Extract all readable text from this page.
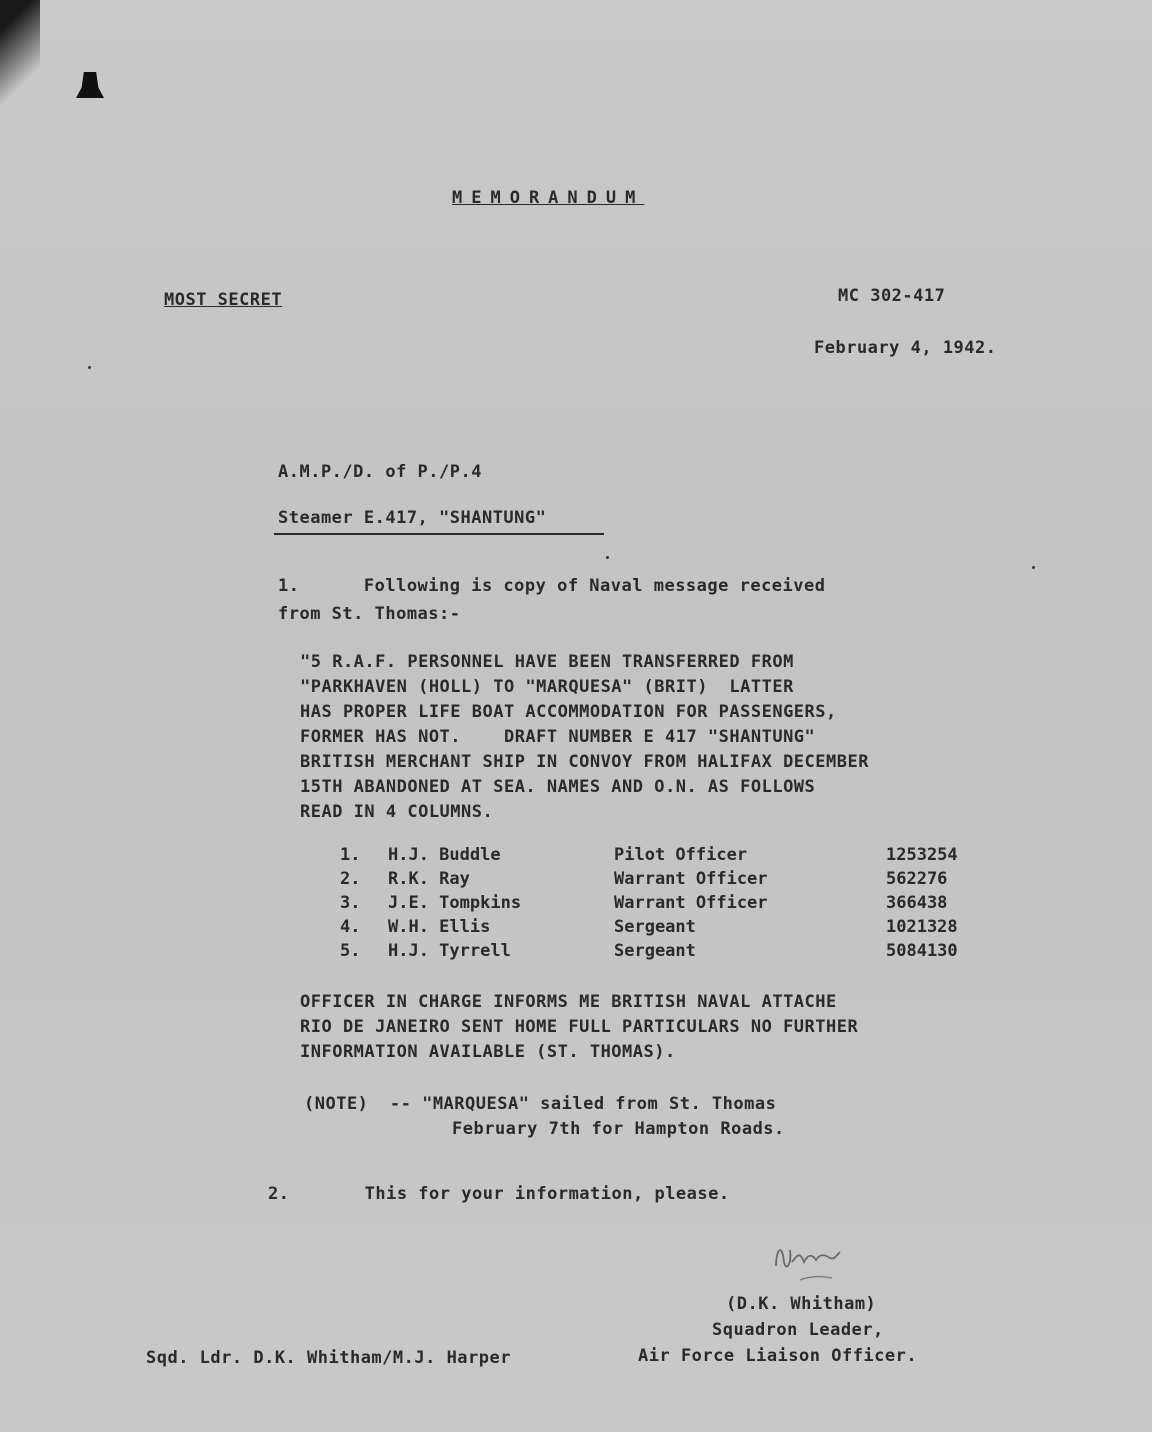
MEMORANDUM
MOST SECRET	MC 302-417
February 4, 1942.
A.M.P./D. of P./P.4
Steamer E.417, "SHANTUNG"
1.      Following is copy of Naval message received
from St. Thomas:-
"5 R.A.F. PERSONNEL HAVE BEEN TRANSFERRED FROM
"PARKHAVEN (HOLL) TO "MARQUESA" (BRIT)  LATTER
HAS PROPER LIFE BOAT ACCOMMODATION FOR PASSENGERS,
FORMER HAS NOT.    DRAFT NUMBER E 417 "SHANTUNG"
BRITISH MERCHANT SHIP IN CONVOY FROM HALIFAX DECEMBER
15TH ABANDONED AT SEA. NAMES AND O.N. AS FOLLOWS
READ IN 4 COLUMNS.
1. H.J. Buddle	Pilot Officer	1253254
2. R.K. Ray	Warrant Officer	562276
3. J.E. Tompkins	Warrant Officer	366438
4. W.H. Ellis	Sergeant	1021328
5. H.J. Tyrrell	Sergeant	5084130
OFFICER IN CHARGE INFORMS ME BRITISH NAVAL ATTACHE
RIO DE JANEIRO SENT HOME FULL PARTICULARS NO FURTHER
INFORMATION AVAILABLE (ST. THOMAS).
(NOTE)  -- "MARQUESA" sailed from St. Thomas
February 7th for Hampton Roads.
2.       This for your information, please.
(D.K. Whitham)
Squadron Leader,
Air Force Liaison Officer.
Sqd. Ldr. D.K. Whitham/M.J. Harper
